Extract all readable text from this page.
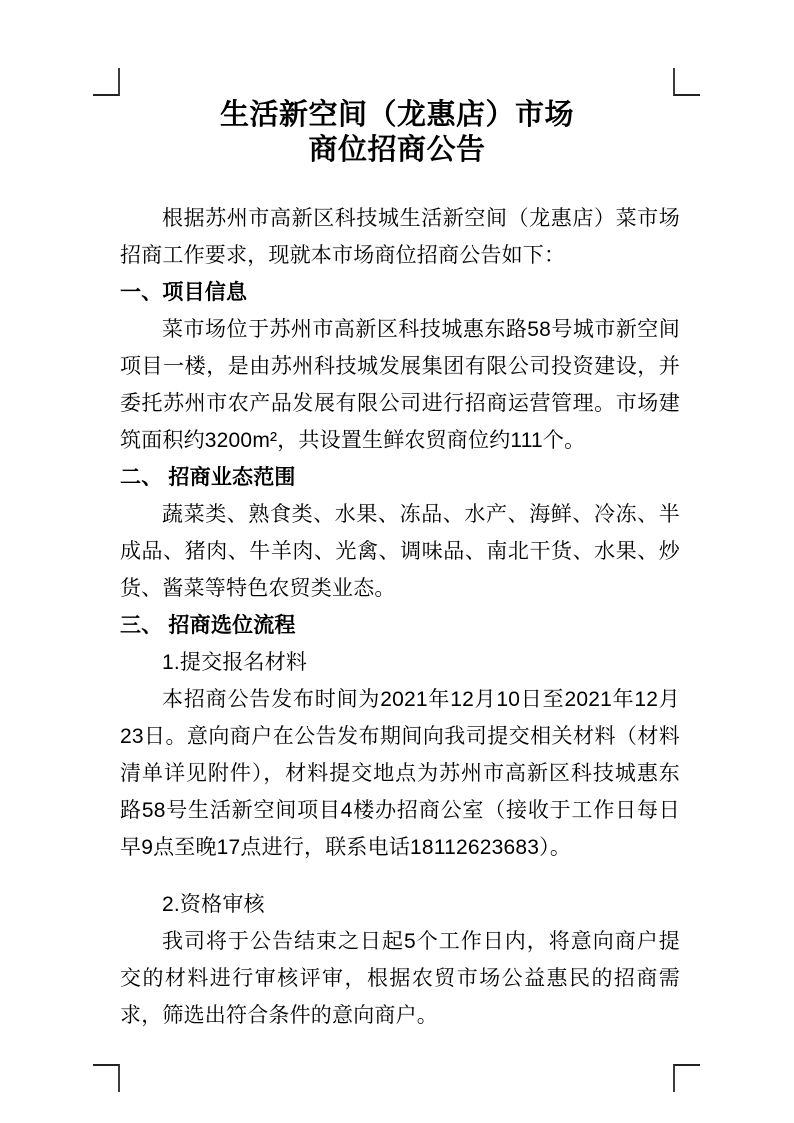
生活新空间（龙惠店）市场
商位招商公告
根据苏州市高新区科技城生活新空间（龙惠店）菜市场
招商工作要求，现就本市场商位招商公告如下：
一、项目信息
菜市场位于苏州市高新区科技城惠东路58号城市新空间
项目一楼，是由苏州科技城发展集团有限公司投资建设，并
委托苏州市农产品发展有限公司进行招商运营管理。市场建
筑面积约3200m²，共设置生鲜农贸商位约111个。
二、 招商业态范围
蔬菜类、熟食类、水果、冻品、水产、海鲜、冷冻、半
成品、猪肉、牛羊肉、光禽、调味品、南北干货、水果、炒
货、酱菜等特色农贸类业态。
三、 招商选位流程
1.提交报名材料
本招商公告发布时间为2021年12月10日至2021年12月
23日。意向商户在公告发布期间向我司提交相关材料（材料
清单详见附件），材料提交地点为苏州市高新区科技城惠东
路58号生活新空间项目4楼办招商公室（接收于工作日每日
早9点至晚17点进行，联系电话18112623683）。
2.资格审核
我司将于公告结束之日起5个工作日内，将意向商户提
交的材料进行审核评审，根据农贸市场公益惠民的招商需
求，筛选出符合条件的意向商户。
